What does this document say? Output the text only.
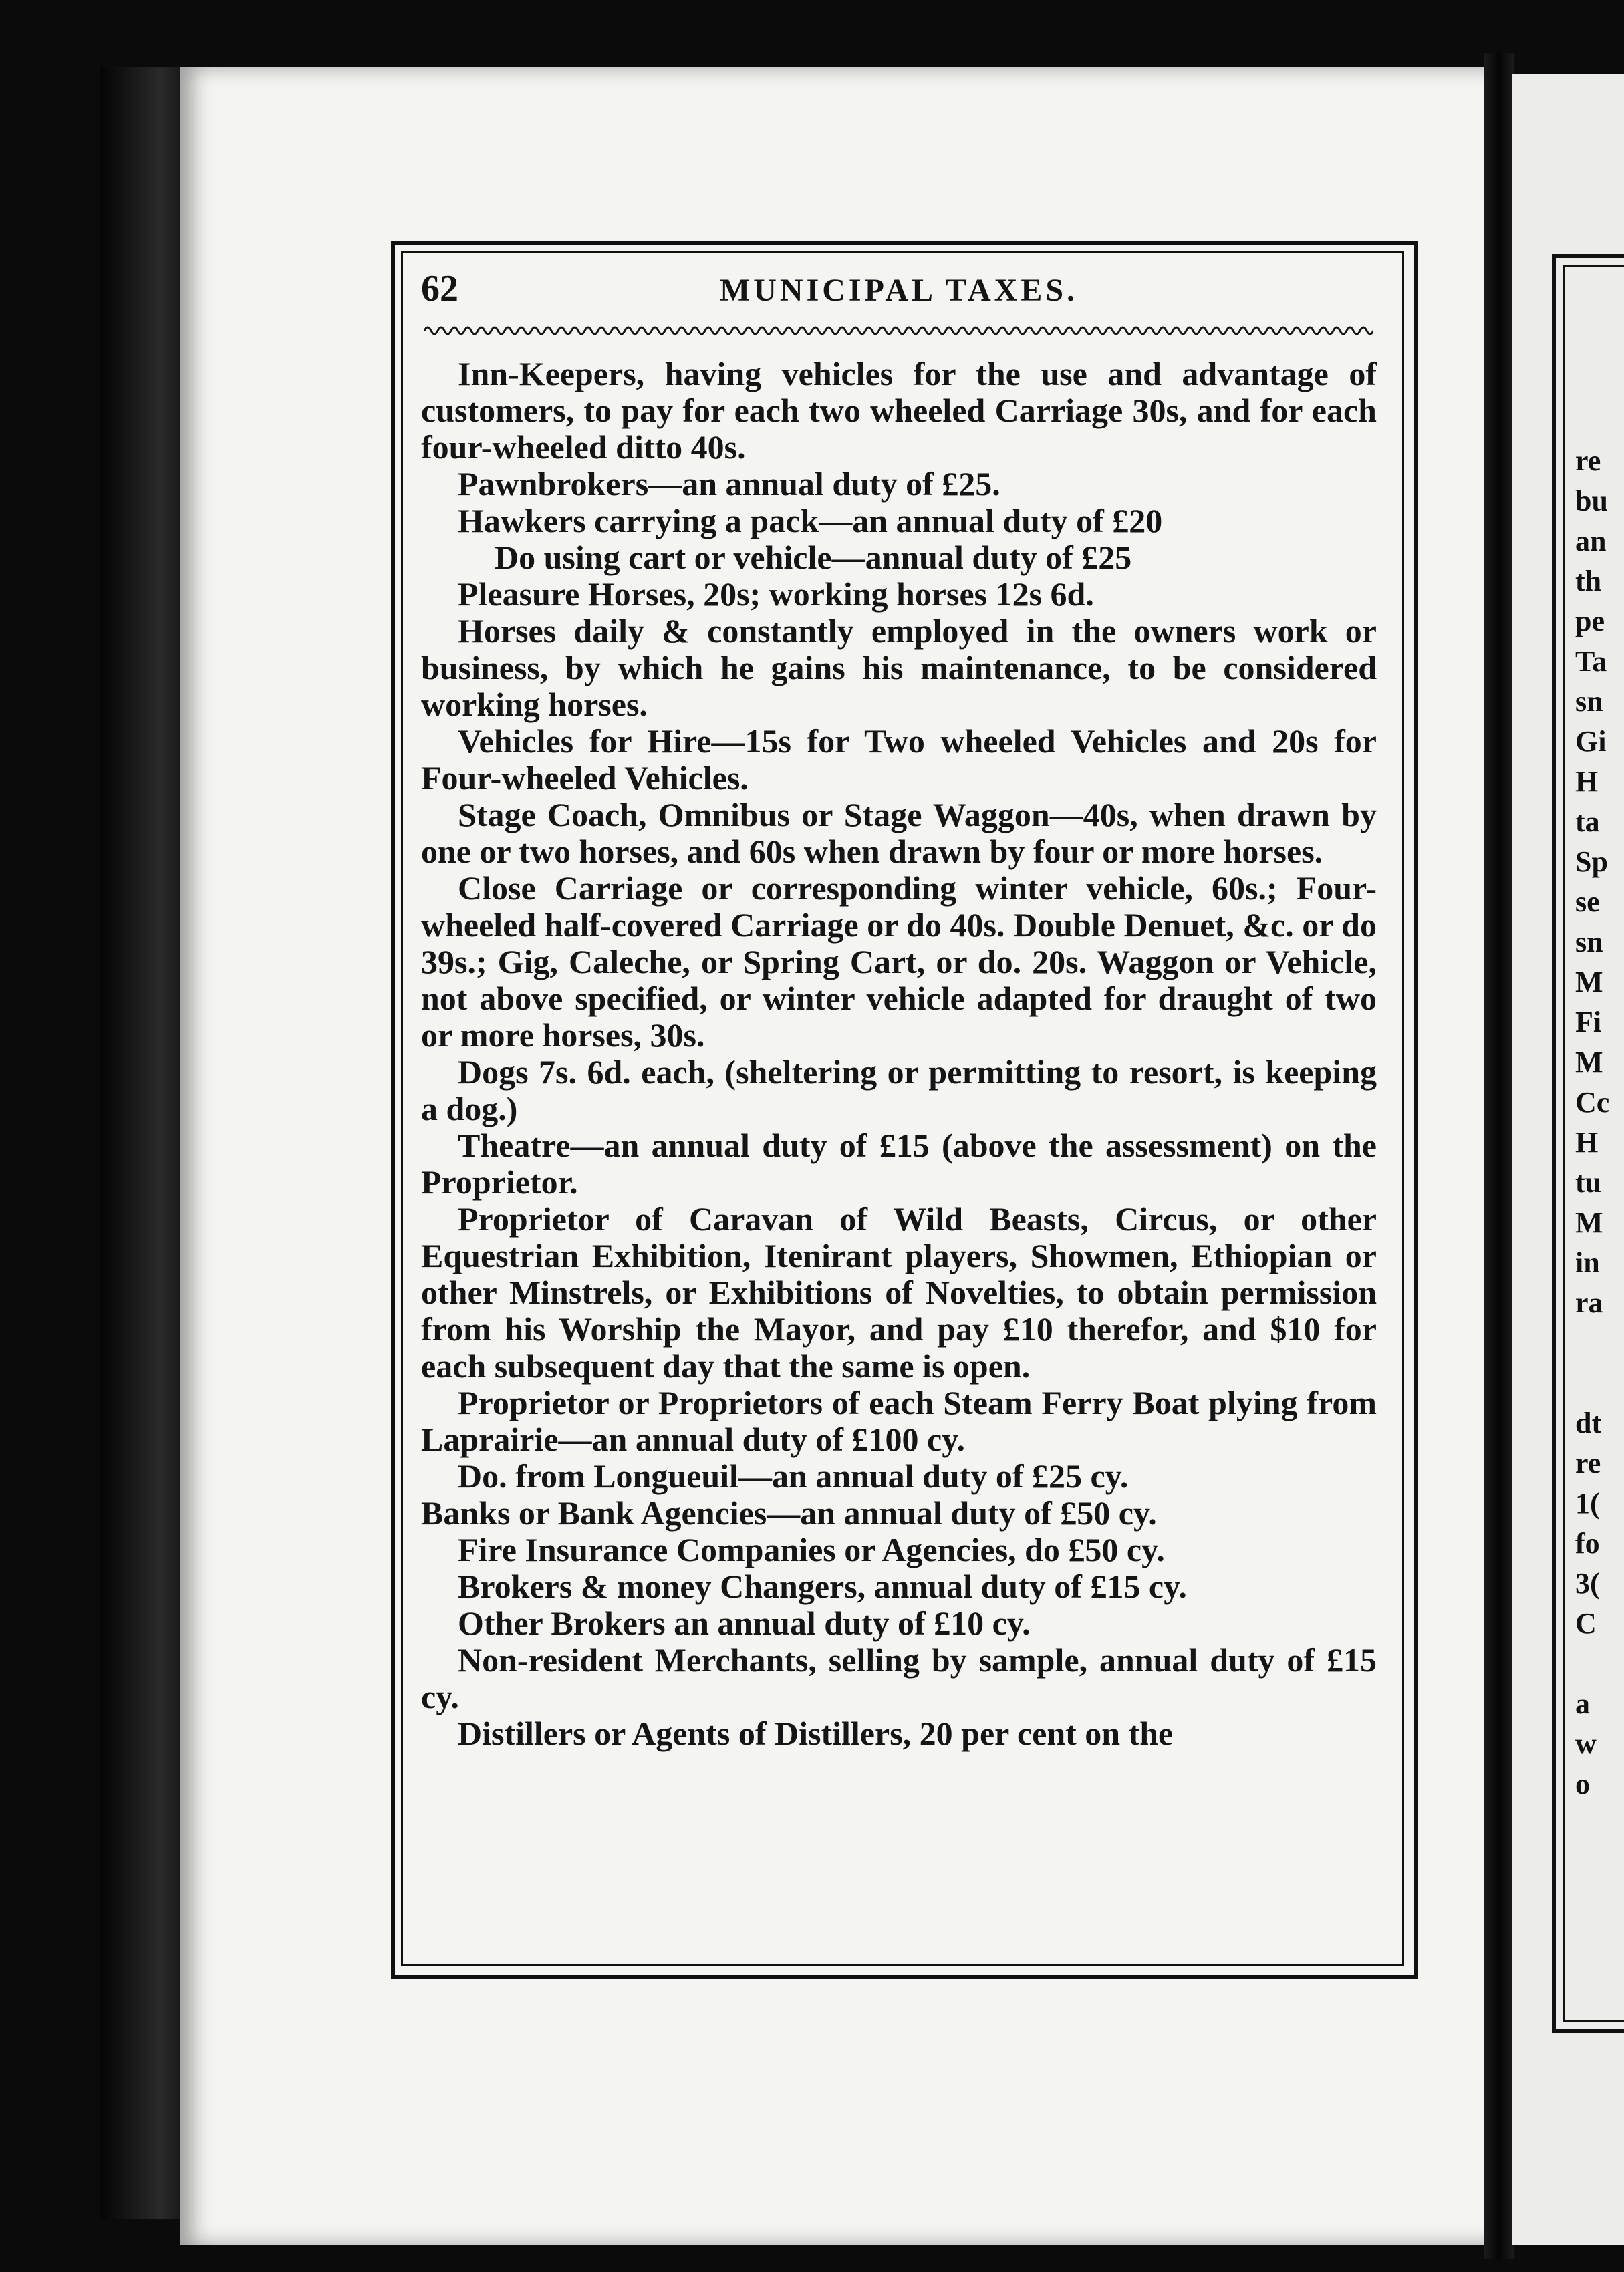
re
bu
an
th
pe
Ta
sn
Gi
H
ta
Sp
se
sn
M
Fi
M
Cc
H
tu
M
in
ra

dt
re
1(
fo
3(
C

a
w
o
62	MUNICIPAL TAXES.

Inn-Keepers, having vehicles for the use and advantage of customers, to pay for each two wheeled Carriage 30s, and for each four-wheeled ditto 40s.

Pawnbrokers—an annual duty of £25.

Hawkers carrying a pack—an annual duty of £20

Do using cart or vehicle—annual duty of £25

Pleasure Horses, 20s; working horses 12s 6d.

Horses daily & constantly employed in the owners work or business, by which he gains his maintenance, to be considered working horses.

Vehicles for Hire—15s for Two wheeled Vehicles and 20s for Four-wheeled Vehicles.

Stage Coach, Omnibus or Stage Waggon—40s, when drawn by one or two horses, and 60s when drawn by four or more horses.

Close Carriage or corresponding winter vehicle, 60s.; Four-wheeled half-covered Carriage or do 40s. Double Denuet, &c. or do 39s.; Gig, Caleche, or Spring Cart, or do. 20s. Waggon or Vehicle, not above specified, or winter vehicle adapted for draught of two or more horses, 30s.

Dogs 7s. 6d. each, (sheltering or permitting to resort, is keeping a dog.)

Theatre—an annual duty of £15 (above the assessment) on the Proprietor.

Proprietor of Caravan of Wild Beasts, Circus, or other Equestrian Exhibition, Itenirant players, Showmen, Ethiopian or other Minstrels, or Exhibitions of Novelties, to obtain permission from his Worship the Mayor, and pay £10 therefor, and $10 for each subsequent day that the same is open.

Proprietor or Proprietors of each Steam Ferry Boat plying from Laprairie—an annual duty of £100 cy.

Do. from Longueuil—an annual duty of £25 cy.

Banks or Bank Agencies—an annual duty of £50 cy.

Fire Insurance Companies or Agencies, do £50 cy.

Brokers & money Changers, annual duty of £15 cy.

Other Brokers an annual duty of £10 cy.

Non-resident Merchants, selling by sample, annual duty of £15 cy.

Distillers or Agents of Distillers, 20 per cent on the
